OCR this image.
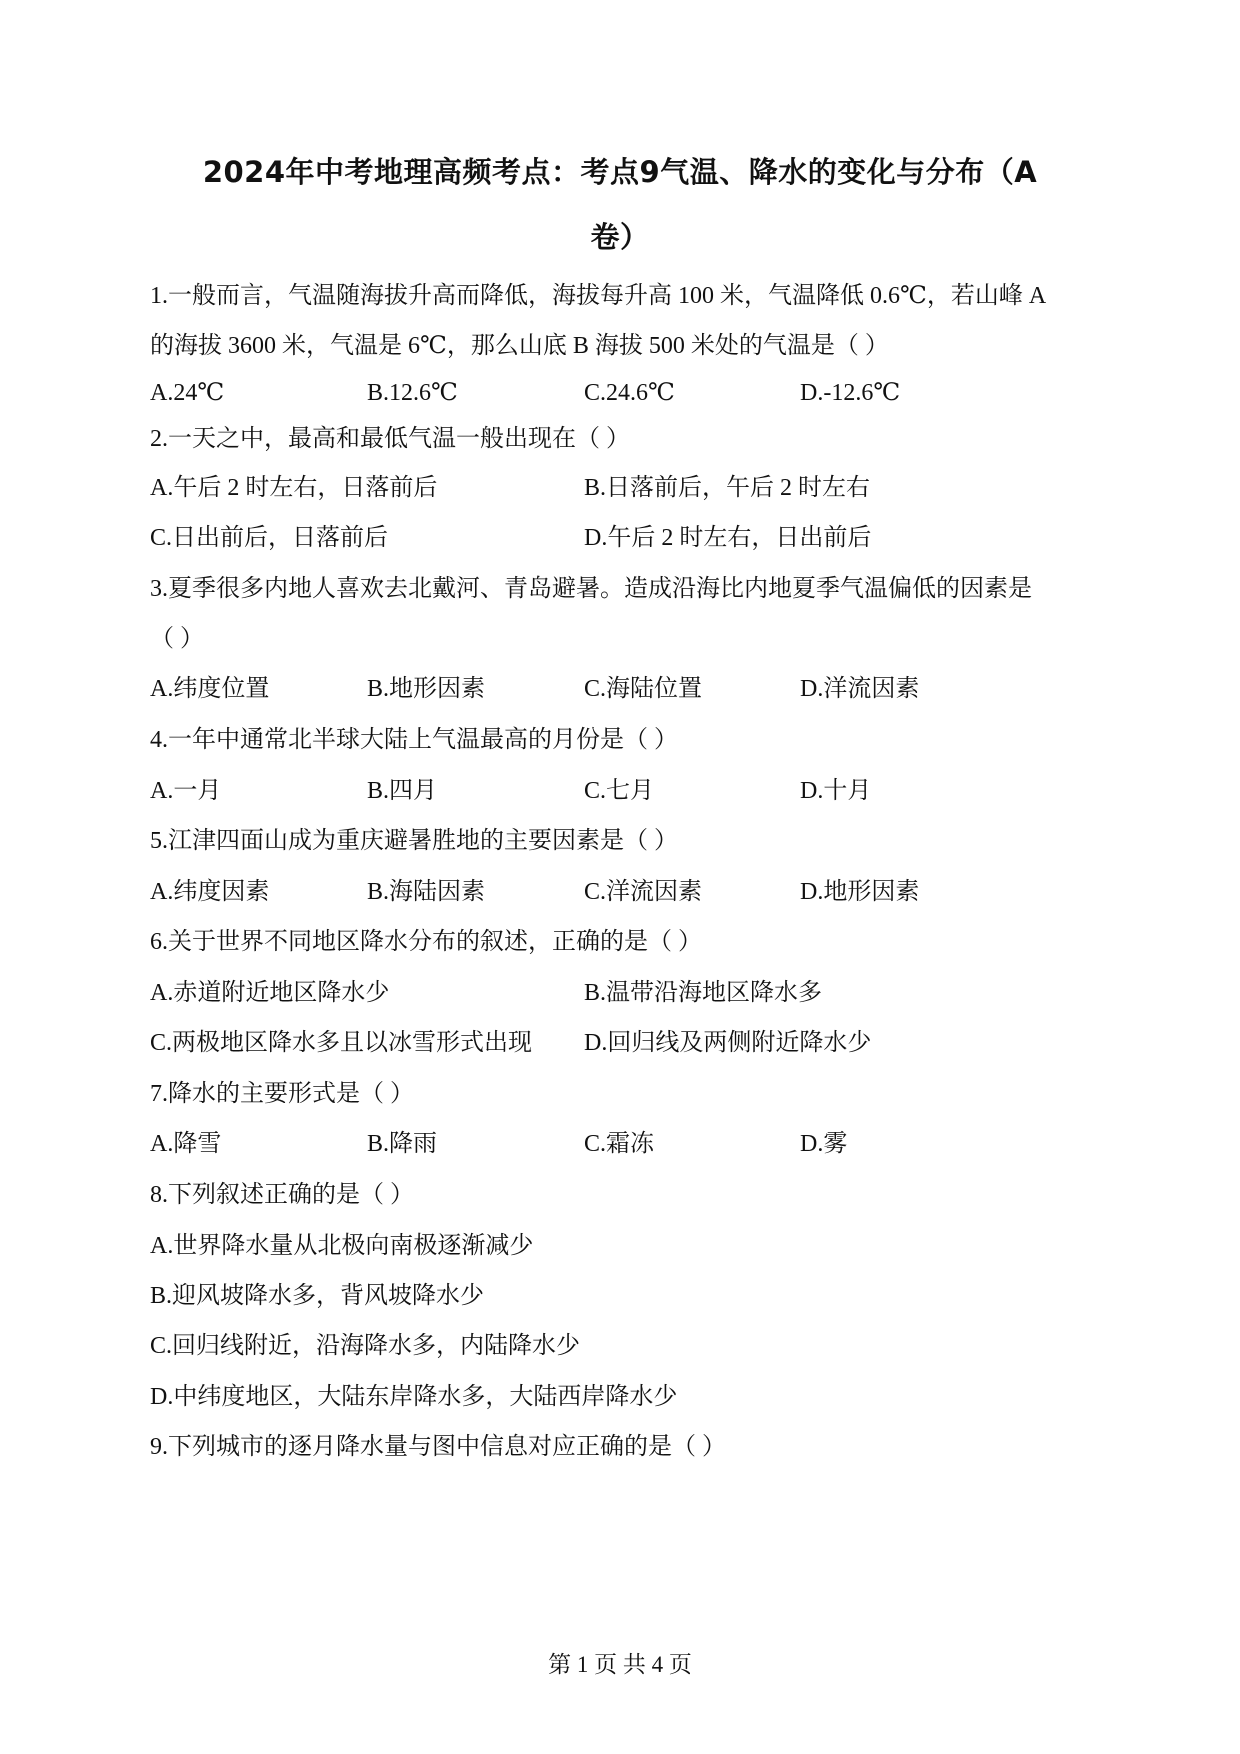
2024年中考地理高频考点：考点9气温、降水的变化与分布（A
卷）
1.一般而言，气温随海拔升高而降低，海拔每升高 100 米，气温降低 0.6℃，若山峰 A
的海拔 3600 米，气温是 6℃，那么山底 B 海拔 500 米处的气温是（ ）
A.24℃	B.12.6℃	C.24.6℃	D.-12.6℃
2.一天之中，最高和最低气温一般出现在（ ）
A.午后 2 时左右，日落前后	B.日落前后，午后 2 时左右
C.日出前后，日落前后	D.午后 2 时左右，日出前后
3.夏季很多内地人喜欢去北戴河、青岛避暑。造成沿海比内地夏季气温偏低的因素是
（ ）
A.纬度位置	B.地形因素	C.海陆位置	D.洋流因素
4.一年中通常北半球大陆上气温最高的月份是（ ）
A.一月	B.四月	C.七月	D.十月
5.江津四面山成为重庆避暑胜地的主要因素是（ ）
A.纬度因素	B.海陆因素	C.洋流因素	D.地形因素
6.关于世界不同地区降水分布的叙述，正确的是（ ）
A.赤道附近地区降水少	B.温带沿海地区降水多
C.两极地区降水多且以冰雪形式出现 D.回归线及两侧附近降水少
7.降水的主要形式是（ ）
A.降雪	B.降雨	C.霜冻	D.雾
8.下列叙述正确的是（ ）
A.世界降水量从北极向南极逐渐减少
B.迎风坡降水多，背风坡降水少
C.回归线附近，沿海降水多，内陆降水少
D.中纬度地区，大陆东岸降水多，大陆西岸降水少
9.下列城市的逐月降水量与图中信息对应正确的是（ ）
第 1 页 共 4 页
